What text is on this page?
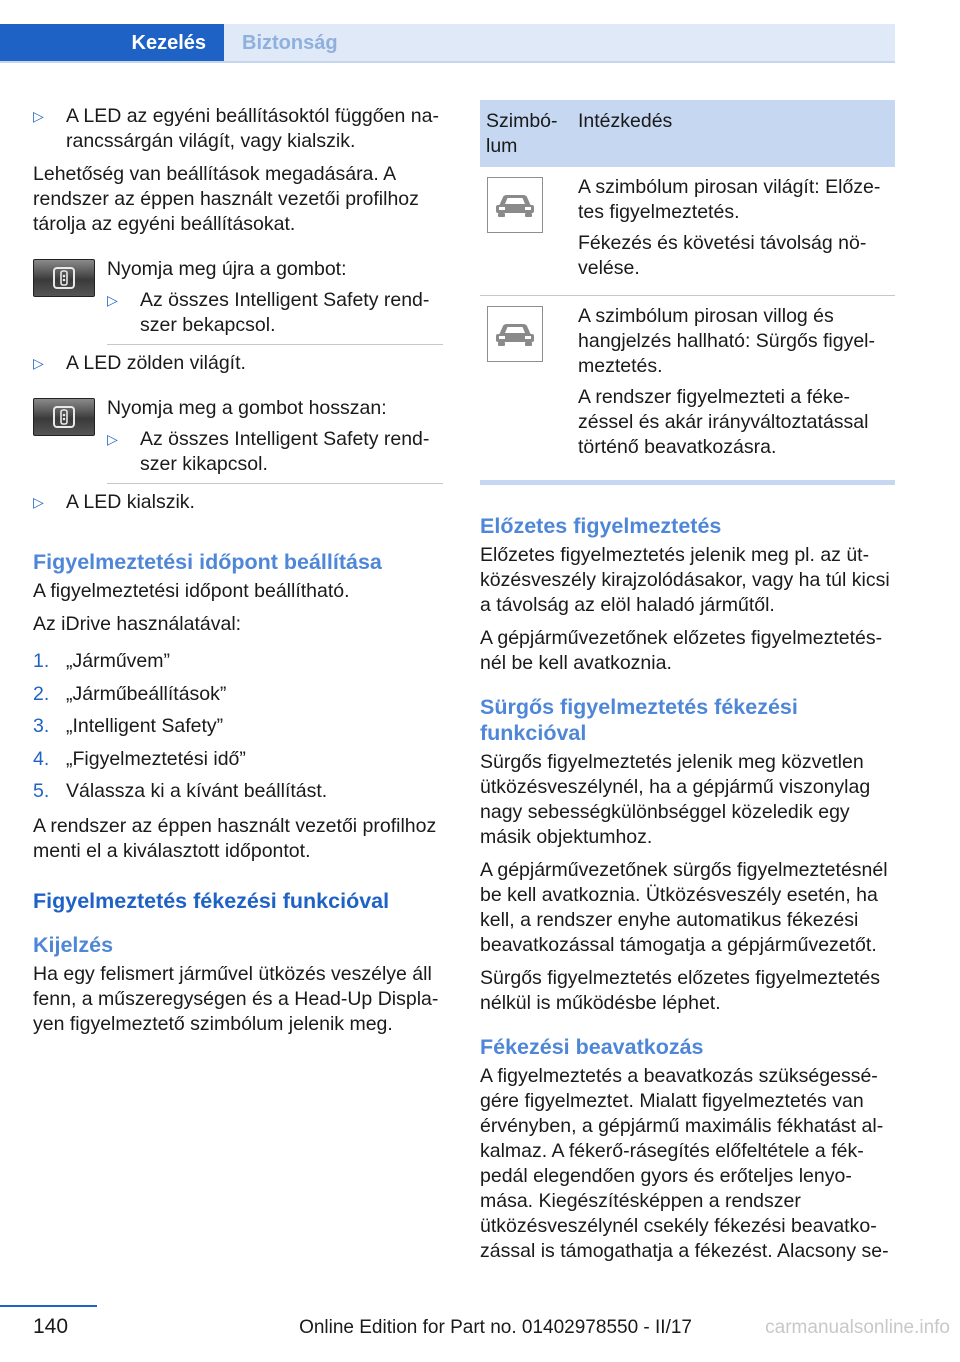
Kezelés	Biztonság
▷	A LED az egyéni beállításoktól függően narancssárgán világít, vagy kialszik.

Lehetőség van beállítások megadására. A rendszer az éppen használt vezetői profilhoz tárolja az egyéni beállításokat.

Nyomja meg újra a gombot:

▷	Az összes Intelligent Safety rendszer bekapcsol.
▷	A LED zölden világít.

Nyomja meg a gombot hosszan:

▷	Az összes Intelligent Safety rendszer kikapcsol.
▷	A LED kialszik.
Figyelmeztetési időpont beállítása

A figyelmeztetési időpont beállítható.

Az iDrive használatával:

1. „Járművem”
2. „Járműbeállítások”
3. „Intelligent Safety”
4. „Figyelmeztetési idő”
5. Válassza ki a kívánt beállítást.

A rendszer az éppen használt vezetői profilhoz menti el a kiválasztott időpontot.

Figyelmeztetés fékezési funkcióval
Kijelzés

Ha egy felismert járművel ütközés veszélye áll fenn, a műszeregységen és a Head-Up Displayen figyelmeztető szimbólum jelenik meg.

Szimbólum	Intézkedés

A szimbólum pirosan világít: Előzetes figyelmeztetés.

Fékezés és követési távolság növelése.

A szimbólum pirosan villog és hangjelzés hallható: Sürgős figyelmeztetés.

A rendszer figyelmezteti a fékezéssel és akár irányváltoztatással történő beavatkozásra.

Előzetes figyelmeztetés

Előzetes figyelmeztetés jelenik meg pl. az ütközésveszély kirajzolódásakor, vagy ha túl kicsi a távolság az elöl haladó járműtől.

A gépjárművezetőnek előzetes figyelmeztetésnél be kell avatkoznia.

Sürgős figyelmeztetés fékezési funkcióval

Sürgős figyelmeztetés jelenik meg közvetlen ütközésveszélynél, ha a gépjármű viszonylag nagy sebességkülönbséggel közeledik egy másik objektumhoz.

A gépjárművezetőnek sürgős figyelmeztetésnél be kell avatkoznia. Ütközésveszély esetén, ha kell, a rendszer enyhe automatikus fékezési beavatkozással támogatja a gépjárművezetőt.

Sürgős figyelmeztetés előzetes figyelmeztetés nélkül is működésbe léphet.

Fékezési beavatkozás

A figyelmeztetés a beavatkozás szükségességére figyelmeztet. Mialatt figyelmeztetés van érvényben, a gépjármű maximális fékhatást alkalmaz. A fékerő-rásegítés előfeltétele a fékpedál elegendően gyors és erőteljes lenyomása. Kiegészítésképpen a rendszer ütközésveszélynél csekély fékezési beavatkozással is támogathatja a fékezést. Alacsony se-

140	Online Edition for Part no. 01402978550 - II/17	carmanualsonline.info
